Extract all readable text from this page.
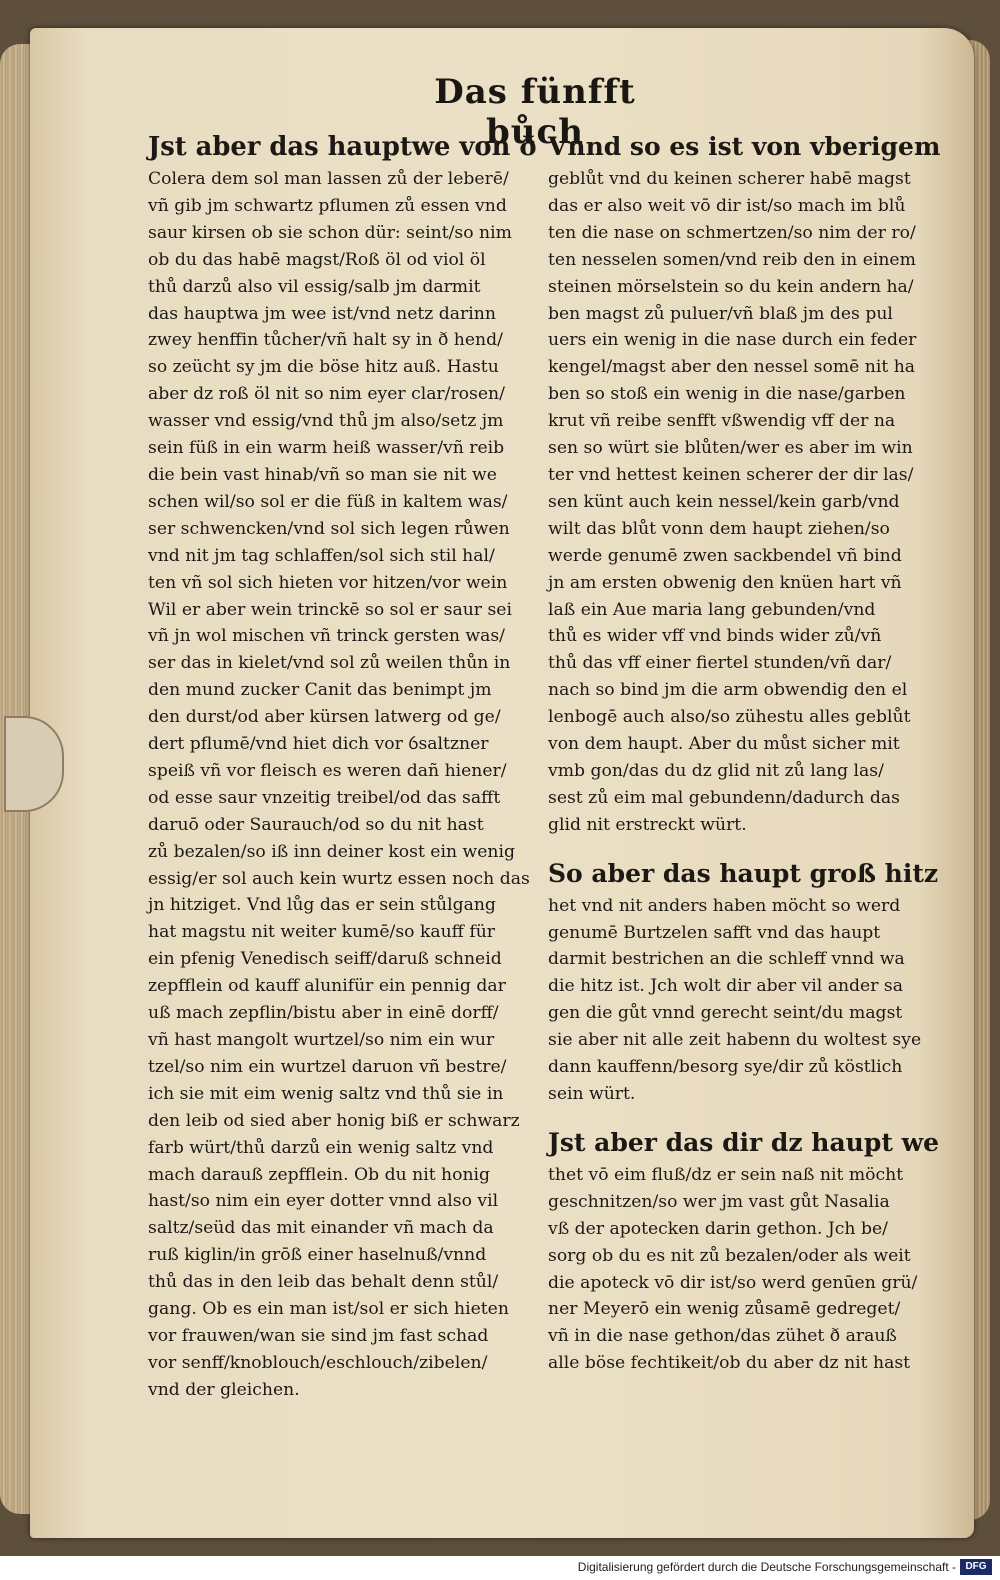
Das fünfft bůch
Jst aber das hauptwe von ð
Colera dem sol man lassen zů der leberē/
vñ gib jm schwartz pflumen zů essen vnd
saur kirsen ob sie schon dür: seint/so nim
ob du das habē magst/Roß öl od viol öl
thů darzů also vil essig/salb jm darmit
das hauptwa jm wee ist/vnd netz darinn
zwey henffin tůcher/vñ halt sy in ð hend/
so zeücht sy jm die böse hitz auß. Hastu
aber dz roß öl nit so nim eyer clar/rosen/
wasser vnd essig/vnd thů jm also/setz jm
sein füß in ein warm heiß wasser/vñ reib
die bein vast hinab/vñ so man sie nit we
schen wil/so sol er die füß in kaltem was/
ser schwencken/vnd sol sich legen růwen
vnd nit jm tag schlaffen/sol sich stil hal/
ten vñ sol sich hieten vor hitzen/vor wein
Wil er aber wein trinckē so sol er saur sei
vñ jn wol mischen vñ trinck gersten was/
ser das in kielet/vnd sol zů weilen thůn in
den mund zucker Canit das benimpt jm
den durst/od aber kürsen latwerg od ge/
dert pflumē/vnd hiet dich vor ỽsaltzner
speiß vñ vor fleisch es weren dañ hiener/
od esse saur vnzeitig treibel/od das safft
daruō oder Saurauch/od so du nit hast
zů bezalen/so iß inn deiner kost ein wenig
essig/er sol auch kein wurtz essen noch das
jn hitziget. Vnd lůg das er sein stůlgang
hat magstu nit weiter kumē/so kauff für
ein pfenig Venedisch seiff/daruß schneid
zepfflein od kauff alunifür ein pennig dar
uß mach zepflin/bistu aber in einē dorff/
vñ hast mangolt wurtzel/so nim ein wur
tzel/so nim ein wurtzel daruon vñ bestre/
ich sie mit eim wenig saltz vnd thů sie in
den leib od sied aber honig biß er schwarz
farb würt/thů darzů ein wenig saltz vnd
mach darauß zepfflein. Ob du nit honig
hast/so nim ein eyer dotter vnnd also vil
saltz/seüd das mit einander vñ mach da
ruß kiglin/in grōß einer haselnuß/vnnd
thů das in den leib das behalt denn stůl/
gang. Ob es ein man ist/sol er sich hieten
vor frauwen/wan sie sind jm fast schad
vor senff/knoblouch/eschlouch/zibelen/
vnd der gleichen.
Vnnd so es ist von vberigem
geblůt vnd du keinen scherer habē magst
das er also weit vō dir ist/so mach im blů
ten die nase on schmertzen/so nim der ro/
ten nesselen somen/vnd reib den in einem
steinen mörselstein so du kein andern ha/
ben magst zů puluer/vñ blaß jm des pul
uers ein wenig in die nase durch ein feder
kengel/magst aber den nessel somē nit ha
ben so stoß ein wenig in die nase/garben
krut vñ reibe senfft vßwendig vff der na
sen so würt sie blůten/wer es aber im win
ter vnd hettest keinen scherer der dir las/
sen künt auch kein nessel/kein garb/vnd
wilt das blůt vonn dem haupt ziehen/so
werde genumē zwen sackbendel vñ bind
jn am ersten obwenig den knüen hart vñ
laß ein Aue maria lang gebunden/vnd
thů es wider vff vnd binds wider zů/vñ
thů das vff einer fiertel stunden/vñ dar/
nach so bind jm die arm obwendig den el
lenbogē auch also/so zühestu alles geblůt
von dem haupt. Aber du můst sicher mit
vmb gon/das du dz glid nit zů lang las/
sest zů eim mal gebundenn/dadurch das
glid nit erstreckt würt.
So aber das haupt groß hitz
het vnd nit anders haben möcht so werd
genumē Burtzelen safft vnd das haupt
darmit bestrichen an die schleff vnnd wa
die hitz ist. Jch wolt dir aber vil ander sa
gen die gůt vnnd gerecht seint/du magst
sie aber nit alle zeit habenn du woltest sye
dann kauffenn/besorg sye/dir zů köstlich
sein würt.
Jst aber das dir dz haupt we
thet vō eim fluß/dz er sein naß nit möcht
geschnitzen/so wer jm vast gůt Nasalia
vß der apotecken darin gethon. Jch be/
sorg ob du es nit zů bezalen/oder als weit
die apoteck vō dir ist/so werd genūen grü/
ner Meyerō ein wenig zůsamē gedreget/
vñ in die nase gethon/das zühet ð arauß
alle böse fechtikeit/ob du aber dz nit hast
Digitalisierung gefördert durch die Deutsche Forschungsgemeinschaft - DFG
